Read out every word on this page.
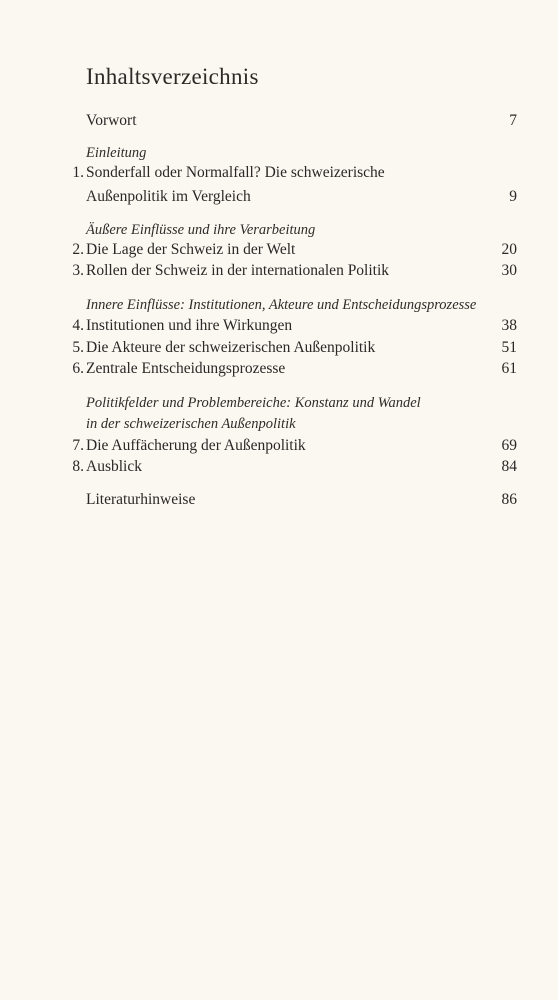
Inhaltsverzeichnis
Vorwort	7
Einleitung
1. Sonderfall oder Normalfall? Die schweizerische
Außenpolitik im Vergleich	9
Äußere Einflüsse und ihre Verarbeitung
2. Die Lage der Schweiz in der Welt	20
3. Rollen der Schweiz in der internationalen Politik	30
Innere Einflüsse: Institutionen, Akteure und Entscheidungsprozesse
4. Institutionen und ihre Wirkungen	38
5. Die Akteure der schweizerischen Außenpolitik	51
6. Zentrale Entscheidungsprozesse	61
Politikfelder und Problembereiche: Konstanz und Wandel
in der schweizerischen Außenpolitik
7. Die Auffächerung der Außenpolitik	69
8. Ausblick	84
Literaturhinweise	86
